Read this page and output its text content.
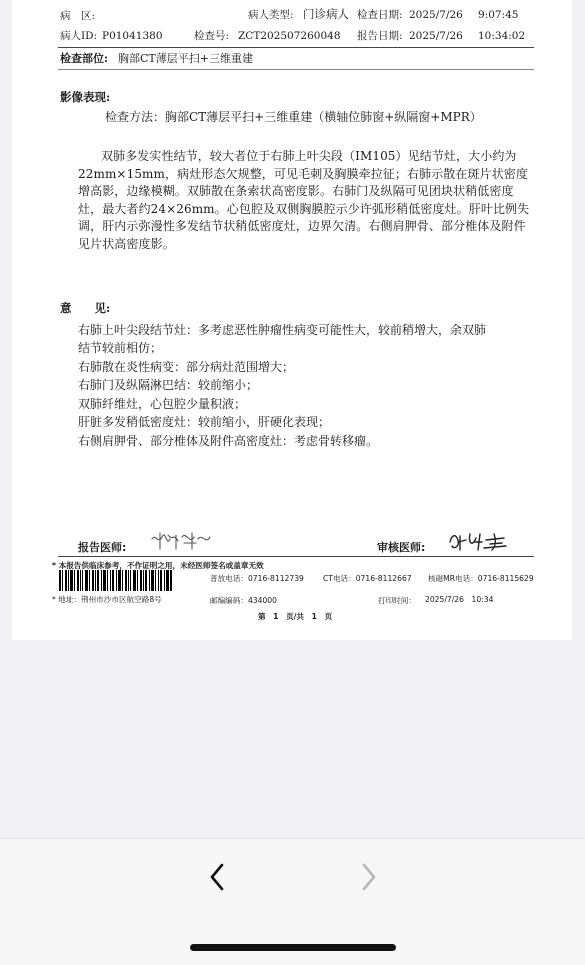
病　区:	病人类型: 门诊病人 检查日期: 2025/7/26 9:07:45
病人ID: P01041380	检查号: ZCT202507260048 报告日期: 2025/7/26 10:34:02
检查部位: 胸部CT薄层平扫+三维重建
影像表现:
检查方法：胸部CT薄层平扫+三维重建（横轴位肺窗+纵隔窗+MPR）
双肺多发实性结节，较大者位于右肺上叶尖段（IM105）见结节灶，大小约为22mm×15mm，病灶形态欠规整，可见毛刺及胸膜牵拉征；右肺示散在斑片状密度增高影，边缘模糊。双肺散在条索状高密度影。右肺门及纵隔可见团块状稍低密度灶，最大者约24×26mm。心包腔及双侧胸膜腔示少许弧形稍低密度灶。肝叶比例失调，肝内示弥漫性多发结节状稍低密度灶，边界欠清。右侧肩胛骨、部分椎体及附件见片状高密度影。
意　　见:
右肺上叶尖段结节灶：多考虑恶性肿瘤性病变可能性大，较前稍增大，余双肺
结节较前相仿；
右肺散在炎性病变：部分病灶范围增大；
右肺门及纵隔淋巴结：较前缩小；
双肺纤维灶，心包腔少量积液；
肝脏多发稍低密度灶：较前缩小，肝硬化表现；
右侧肩胛骨、部分椎体及附件高密度灶：考虑骨转移瘤。
报告医师:	审核医师:
* 本报告供临床参考，不作证明之用，未经医师签名或盖章无效
普放电话：0716-8112739	CT电话：0716-8112667 核磁MR电话：0716-8115629
* 地址：荆州市沙市区航空路8号	邮编编码：434000	打印时间： 2025/7/26　10:34
第　1　页/共　1　页
